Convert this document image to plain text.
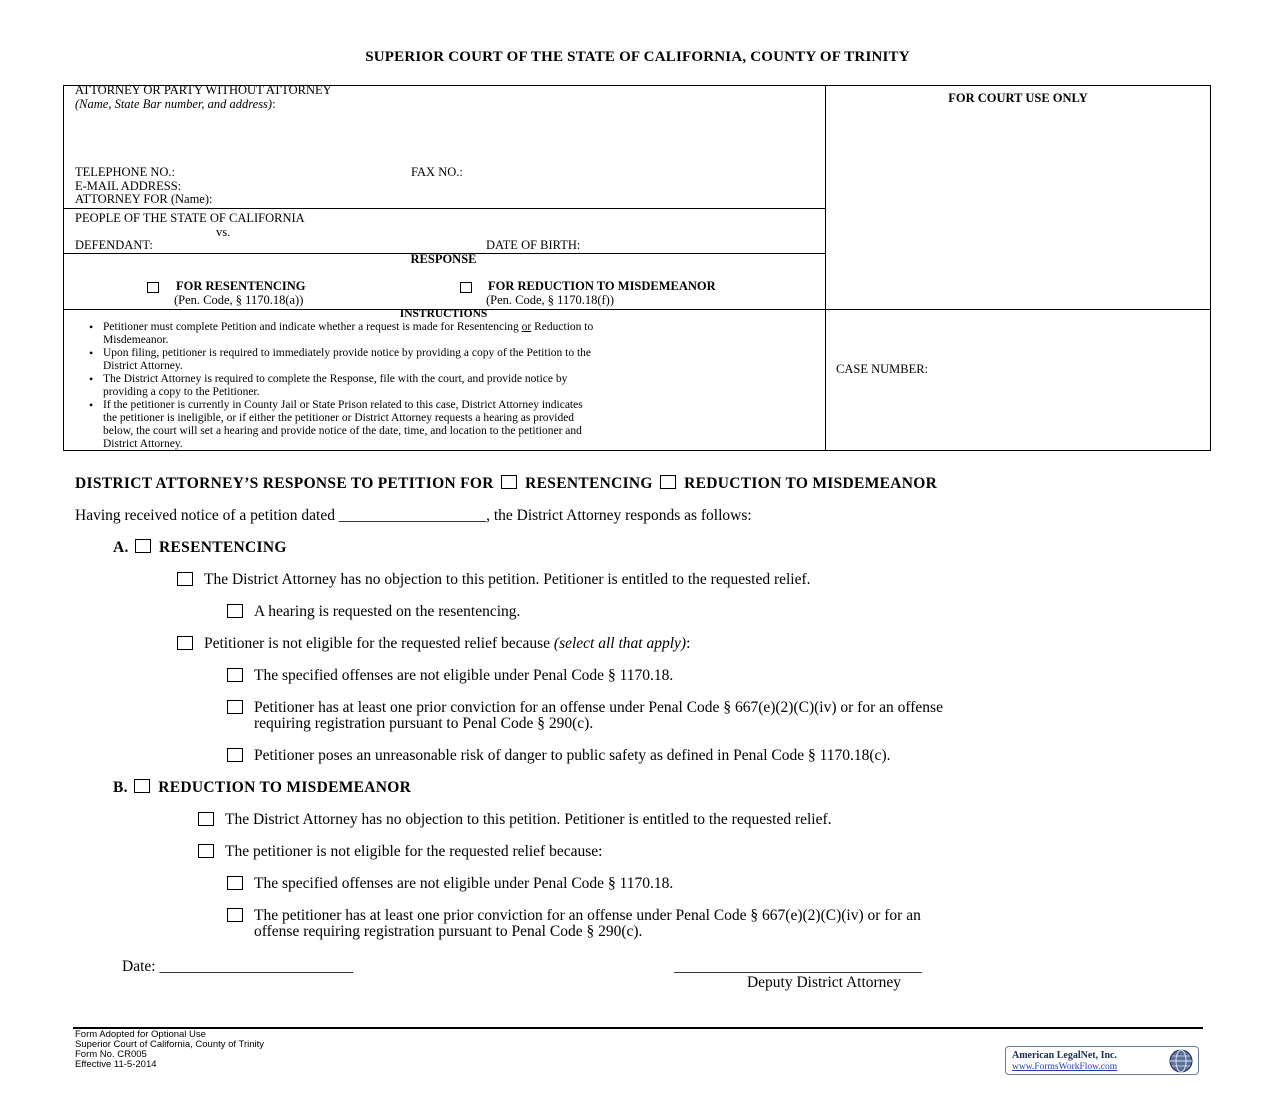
SUPERIOR COURT OF THE STATE OF CALIFORNIA, COUNTY OF TRINITY
ATTORNEY OR PARTY WITHOUT ATTORNEY
(Name, State Bar number, and address):
TELEPHONE NO.:	FAX NO.:
E-MAIL ADDRESS:
ATTORNEY FOR (Name):
FOR COURT USE ONLY
PEOPLE OF THE STATE OF CALIFORNIA
vs.
DEFENDANT:	DATE OF BIRTH:
RESPONSE
FOR RESENTENCING
(Pen. Code, § 1170.18(a))
FOR REDUCTION TO MISDEMEANOR
(Pen. Code, § 1170.18(f))
INSTRUCTIONS
• Petitioner must complete Petition and indicate whether a request is made for Resentencing or Reduction to
Misdemeanor.
• Upon filing, petitioner is required to immediately provide notice by providing a copy of the Petition to the
District Attorney.
• The District Attorney is required to complete the Response, file with the court, and provide notice by
providing a copy to the Petitioner.
• If the petitioner is currently in County Jail or State Prison related to this case, District Attorney indicates
the petitioner is ineligible, or if either the petitioner or District Attorney requests a hearing as provided
below, the court will set a hearing and provide notice of the date, time, and location to the petitioner and
District Attorney.
CASE NUMBER:
DISTRICT ATTORNEY’S RESPONSE TO PETITION FOR RESENTENCING REDUCTION TO MISDEMEANOR
Having received notice of a petition dated ___________________, the District Attorney responds as follows:
A. RESENTENCING
The District Attorney has no objection to this petition. Petitioner is entitled to the requested relief.
A hearing is requested on the resentencing.
Petitioner is not eligible for the requested relief because (select all that apply):
The specified offenses are not eligible under Penal Code § 1170.18.
Petitioner has at least one prior conviction for an offense under Penal Code § 667(e)(2)(C)(iv) or for an offense
requiring registration pursuant to Penal Code § 290(c).
Petitioner poses an unreasonable risk of danger to public safety as defined in Penal Code § 1170.18(c).
B. REDUCTION TO MISDEMEANOR
The District Attorney has no objection to this petition. Petitioner is entitled to the requested relief.
The petitioner is not eligible for the requested relief because:
The specified offenses are not eligible under Penal Code § 1170.18.
The petitioner has at least one prior conviction for an offense under Penal Code § 667(e)(2)(C)(iv) or for an
offense requiring registration pursuant to Penal Code § 290(c).
Date: _________________________	________________________________
Deputy District Attorney
Form Adopted for Optional Use
Superior Court of California, County of Trinity
Form No. CR005
Effective 11-5-2014
American LegalNet, Inc.
www.FormsWorkFlow.com
